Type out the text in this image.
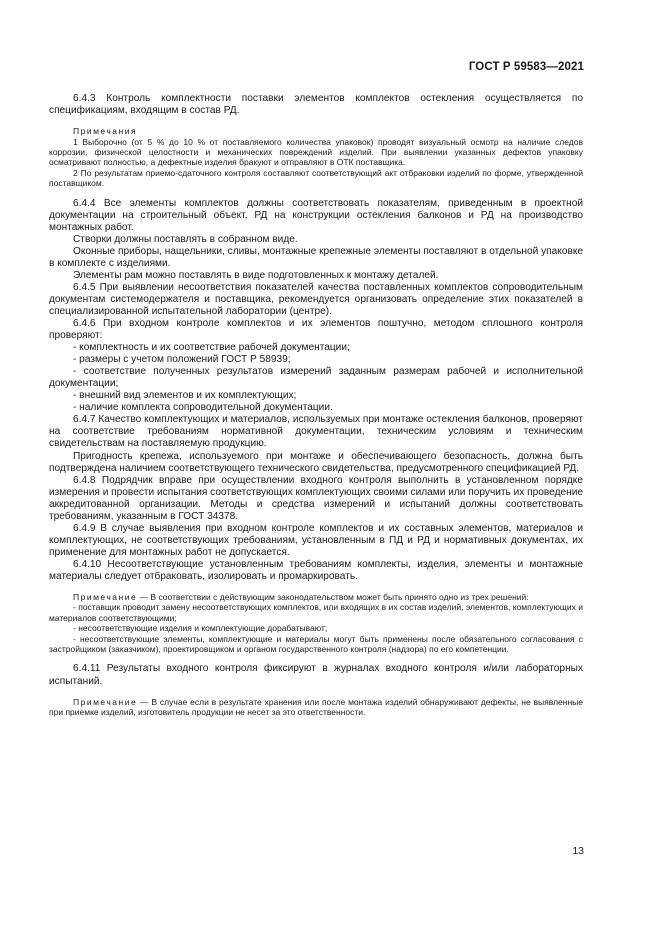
ГОСТ Р 59583—2021

6.4.3 Контроль комплектности поставки элементов комплектов остекления осуществляется по спецификациям, входящим в состав РД.

Примечания

1 Выборочно (от 5 % до 10 % от поставляемого количества упаковок) проводят визуальный осмотр на наличие следов коррозии, физической целостности и механических повреждений изделий. При выявлении указанных дефектов упаковку осматривают полностью, а дефектные изделия бракуют и отправляют в ОТК поставщика.

2 По результатам приемо-сдаточного контроля составляют соответствующий акт отбраковки изделий по форме, утвержденной поставщиком.

6.4.4 Все элементы комплектов должны соответствовать показателям, приведенным в проектной документации на строительный объект, РД на конструкции остекления балконов и РД на производство монтажных работ.

Створки должны поставлять в собранном виде.

Оконные приборы, нащельники, сливы, монтажные крепежные элементы поставляют в отдельной упаковке в комплекте с изделиями.

Элементы рам можно поставлять в виде подготовленных к монтажу деталей.

6.4.5 При выявлении несоответствия показателей качества поставленных комплектов сопроводительным документам системодержателя и поставщика, рекомендуется организовать определение этих показателей в специализированной испытательной лаборатории (центре).

6.4.6 При входном контроле комплектов и их элементов поштучно, методом сплошного контроля проверяют:

- комплектность и их соответствие рабочей документации;

- размеры с учетом положений ГОСТ Р 58939;

- соответствие полученных результатов измерений заданным размерам рабочей и исполнительной документации;

- внешний вид элементов и их комплектующих;

- наличие комплекта сопроводительной документации.

6.4.7 Качество комплектующих и материалов, используемых при монтаже остекления балконов, проверяют на соответствие требованиям нормативной документации, техническим условиям и техническим свидетельствам на поставляемую продукцию.

Пригодность крепежа, используемого при монтаже и обеспечивающего безопасность, должна быть подтверждена наличием соответствующего технического свидетельства, предусмотренного спецификацией РД.

6.4.8 Подрядчик вправе при осуществлении входного контроля выполнить в установленном порядке измерения и провести испытания соответствующих комплектующих своими силами или поручить их проведение аккредитованной организации. Методы и средства измерений и испытаний должны соответствовать требованиям, указанным в ГОСТ 34378.

6.4.9 В случае выявления при входном контроле комплектов и их составных элементов, материалов и комплектующих, не соответствующих требованиям, установленным в ПД и РД и нормативных документах, их применение для монтажных работ не допускается.

6.4.10 Несоответствующие установленным требованиям комплекты, изделия, элементы и монтажные материалы следует отбраковать, изолировать и промаркировать.

Примечание — В соответствии с действующим законодательством может быть принято одно из трех решений:

- поставщик проводит замену несоответствующих комплектов, или входящих в их состав изделий, элементов, комплектующих и материалов соответствующими;

- несоответствующие изделия и комплектующие дорабатывают;

- несоответствующие элементы, комплектующие и материалы могут быть применены после обязательного согласования с застройщиком (заказчиком), проектировщиком и органом государственного контроля (надзора) по его компетенции.

6.4.11 Результаты входного контроля фиксируют в журналах входного контроля и/или лабораторных испытаний.

Примечание — В случае если в результате хранения или после монтажа изделий обнаруживают дефекты, не выявленные при приемке изделий, изготовитель продукции не несет за это ответственности.

13
